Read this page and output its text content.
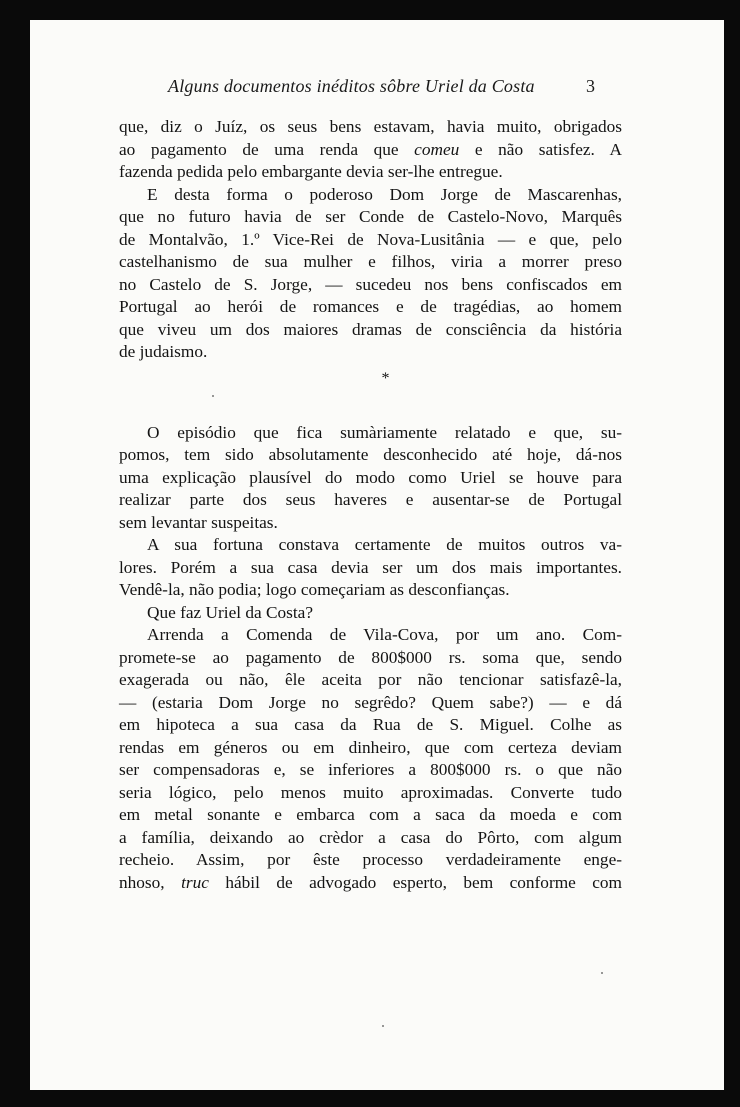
Alguns documentos inéditos sôbre Uriel da Costa	3
que, diz o Juíz, os seus bens estavam, havia muito, obrigados
ao pagamento de uma renda que comeu e não satisfez. A
fazenda pedida pelo embargante devia ser-lhe entregue.
E desta forma o poderoso Dom Jorge de Mascarenhas,
que no futuro havia de ser Conde de Castelo-Novo, Marquês
de Montalvão, 1.º Vice-Rei de Nova-Lusitânia — e que, pelo
castelhanismo de sua mulher e filhos, viria a morrer preso
no Castelo de S. Jorge, — sucedeu nos bens confiscados em
Portugal ao herói de romances e de tragédias, ao homem
que viveu um dos maiores dramas de consciência da história
de judaismo.
*
O episódio que fica sumàriamente relatado e que, su-
pomos, tem sido absolutamente desconhecido até hoje, dá-nos
uma explicação plausível do modo como Uriel se houve para
realizar parte dos seus haveres e ausentar-se de Portugal
sem levantar suspeitas.
A sua fortuna constava certamente de muitos outros va-
lores. Porém a sua casa devia ser um dos mais importantes.
Vendê-la, não podia; logo começariam as desconfianças.
Que faz Uriel da Costa?
Arrenda a Comenda de Vila-Cova, por um ano. Com-
promete-se ao pagamento de 800$000 rs. soma que, sendo
exagerada ou não, êle aceita por não tencionar satisfazê-la,
— (estaria Dom Jorge no segrêdo? Quem sabe?) — e dá
em hipoteca a sua casa da Rua de S. Miguel. Colhe as
rendas em géneros ou em dinheiro, que com certeza deviam
ser compensadoras e, se inferiores a 800$000 rs. o que não
seria lógico, pelo menos muito aproximadas. Converte tudo
em metal sonante e embarca com a saca da moeda e com
a família, deixando ao crèdor a casa do Pôrto, com algum
recheio. Assim, por êste processo verdadeiramente enge-
nhoso, truc hábil de advogado esperto, bem conforme com
